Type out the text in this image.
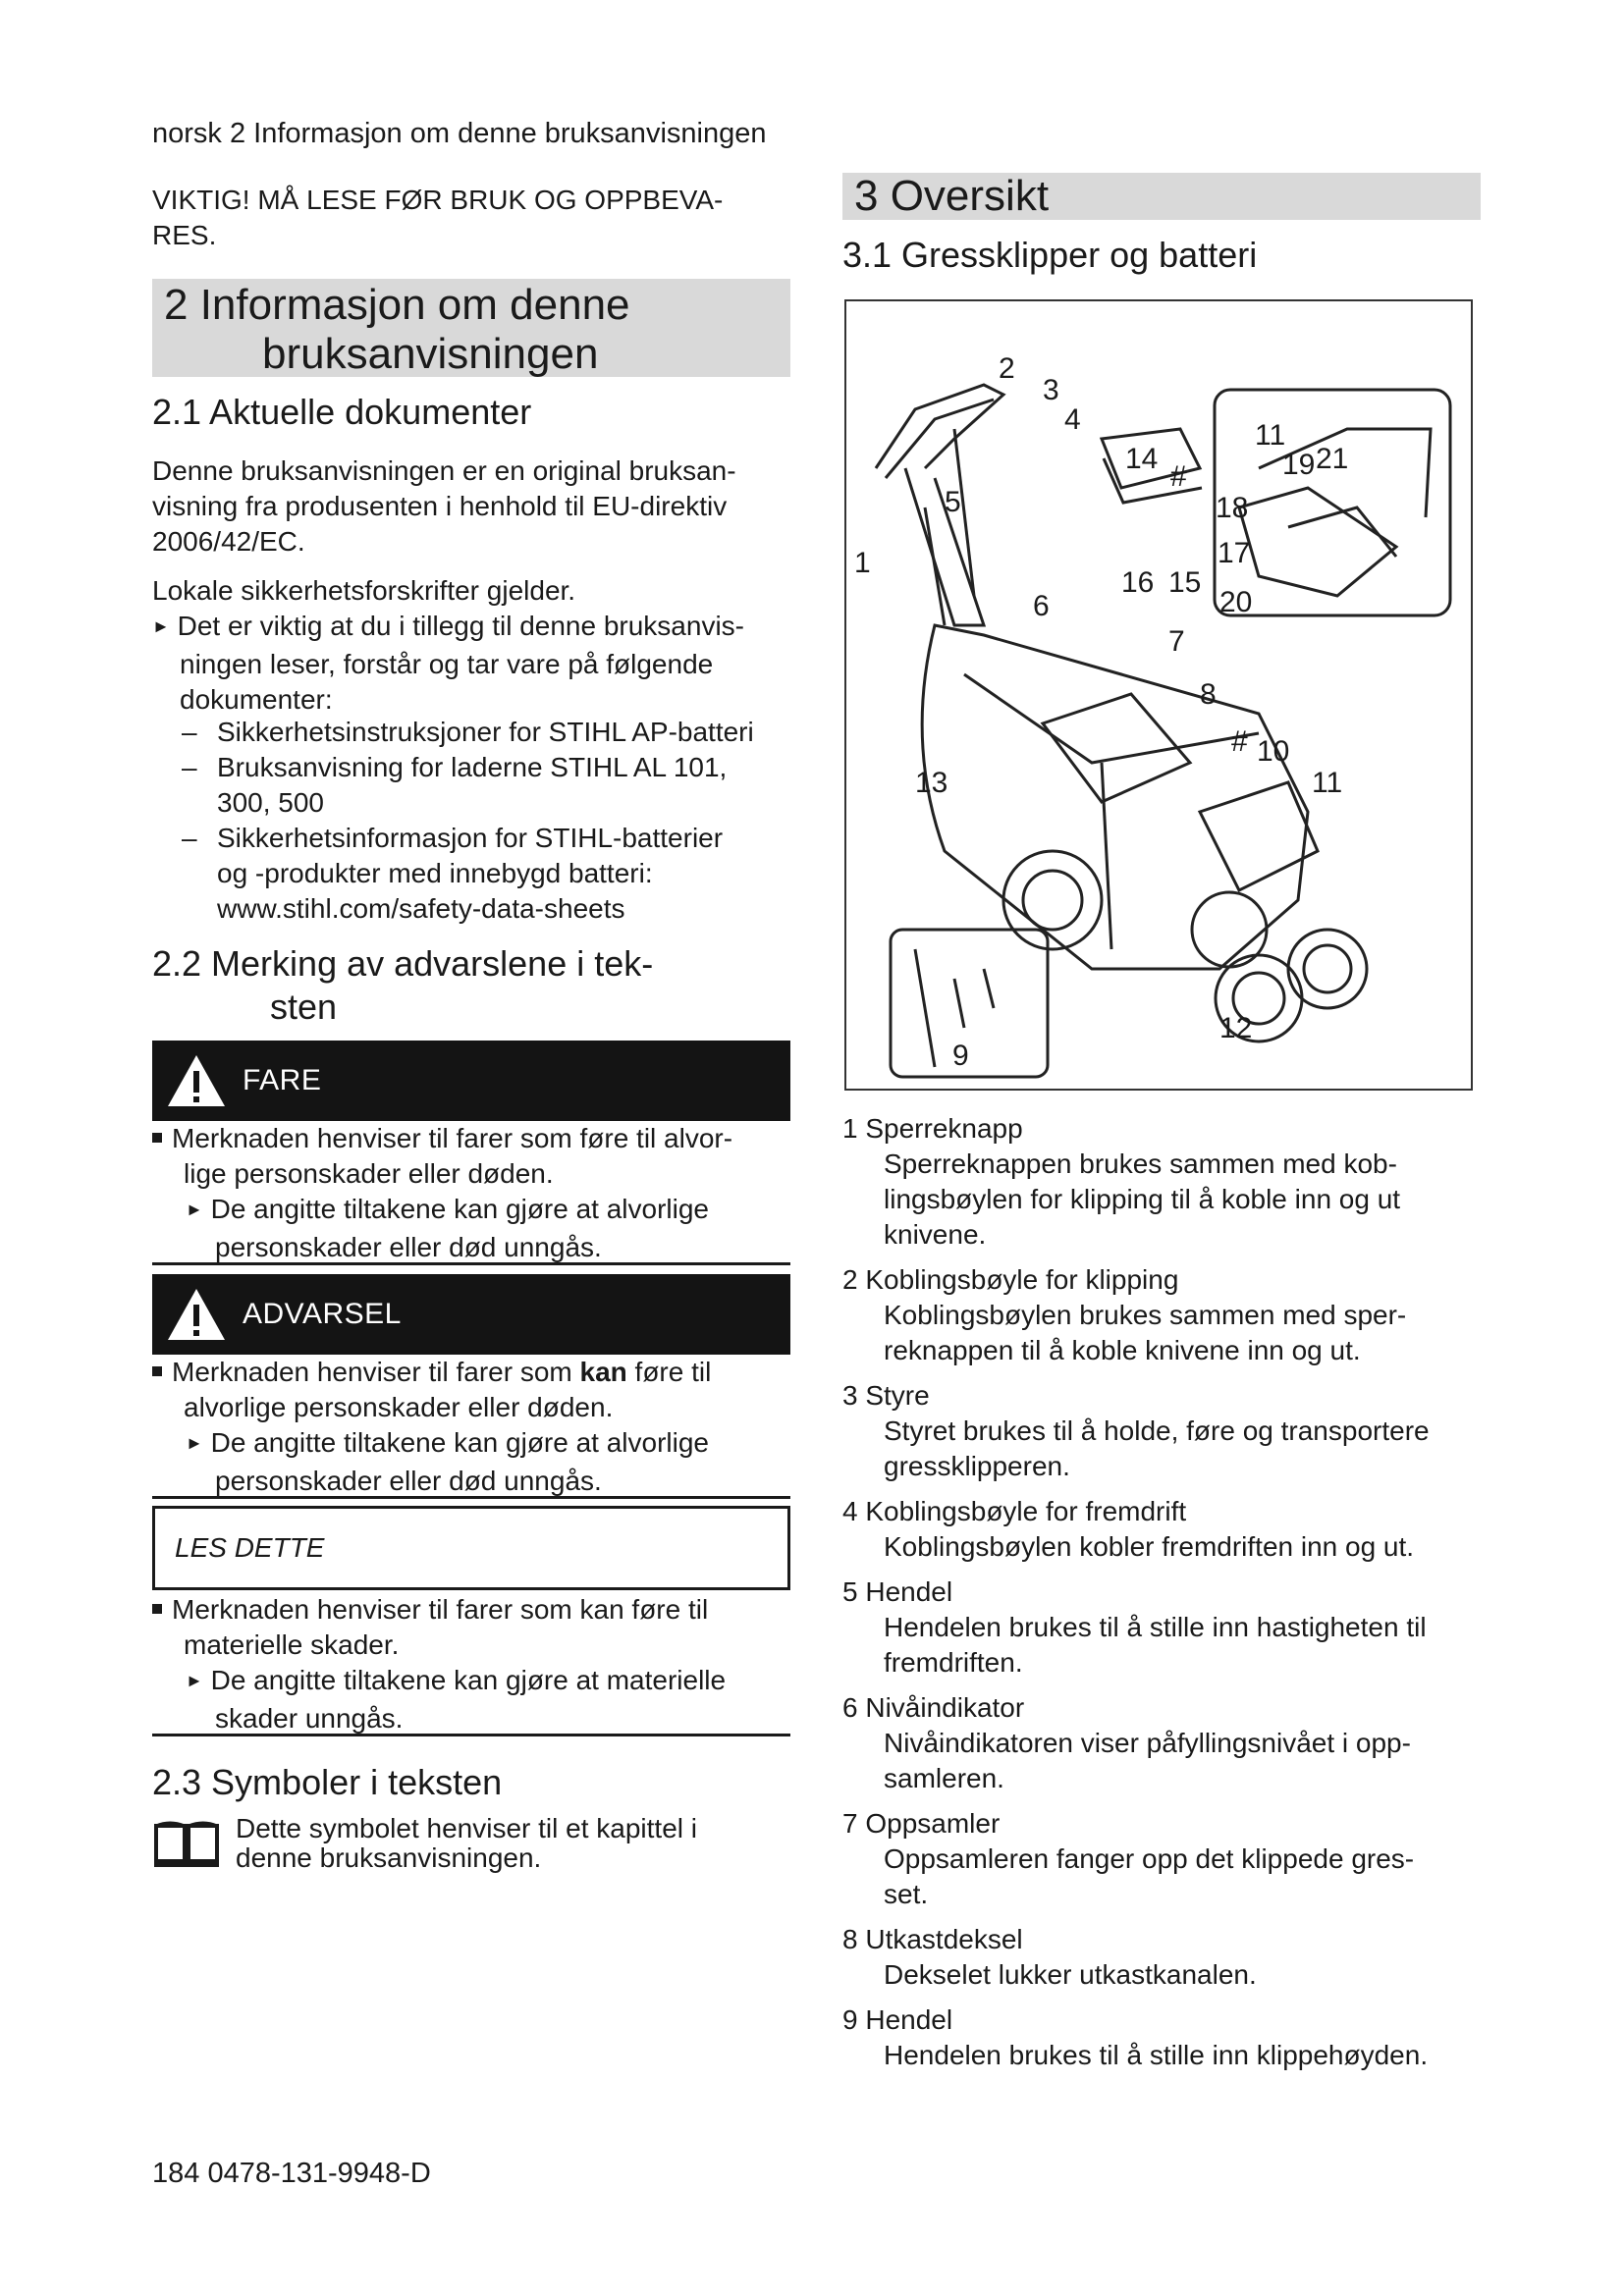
norsk 2 Informasjon om denne bruksanvisningen
VIKTIG! MÅ LESE FØR BRUK OG OPPBEVA-
RES.
2 Informasjon om denne
bruksanvisningen
2.1 Aktuelle dokumenter
Denne bruksanvisningen er en original bruksan-
visning fra produsenten i henhold til EU-direktiv
2006/42/EC.
Lokale sikkerhetsforskrifter gjelder.
► Det er viktig at du i tillegg til denne bruksanvis-
ningen leser, forstår og tar vare på følgende
dokumenter:
– Sikkerhetsinstruksjoner for STIHL AP-batteri
– Bruksanvisning for laderne STIHL AL 101,
300, 500
– Sikkerhetsinformasjon for STIHL-batterier
og -produkter med innebygd batteri:
www.stihl.com/safety-data-sheets
2.2 Merking av advarslene i tek-
sten
FARE
Merknaden henviser til farer som føre til alvor-
lige personskader eller døden.
► De angitte tiltakene kan gjøre at alvorlige
personskader eller død unngås.
ADVARSEL
Merknaden henviser til farer som kan føre til
alvorlige personskader eller døden.
► De angitte tiltakene kan gjøre at alvorlige
personskader eller død unngås.
LES DETTE
Merknaden henviser til farer som kan føre til
materielle skader.
► De angitte tiltakene kan gjøre at materielle
skader unngås.
2.3 Symboler i teksten
Dette symbolet henviser til et kapittel i
denne bruksanvisningen.
3 Oversikt
3.1 Gressklipper og batteri
2
3
4
5
1
6
7
8
# 10
11
13
12
9
14
#
16 15
11
19 21
18
17
20
1 Sperreknapp
Sperreknappen brukes sammen med kob-
lingsbøylen for klipping til å koble inn og ut
knivene.
2 Koblingsbøyle for klipping
Koblingsbøylen brukes sammen med sper-
reknappen til å koble knivene inn og ut.
3 Styre
Styret brukes til å holde, føre og transportere
gressklipperen.
4 Koblingsbøyle for fremdrift
Koblingsbøylen kobler fremdriften inn og ut.
5 Hendel
Hendelen brukes til å stille inn hastigheten til
fremdriften.
6 Nivåindikator
Nivåindikatoren viser påfyllingsnivået i opp-
samleren.
7 Oppsamler
Oppsamleren fanger opp det klippede gres-
set.
8 Utkastdeksel
Dekselet lukker utkastkanalen.
9 Hendel
Hendelen brukes til å stille inn klippehøyden.
184 0478-131-9948-D
